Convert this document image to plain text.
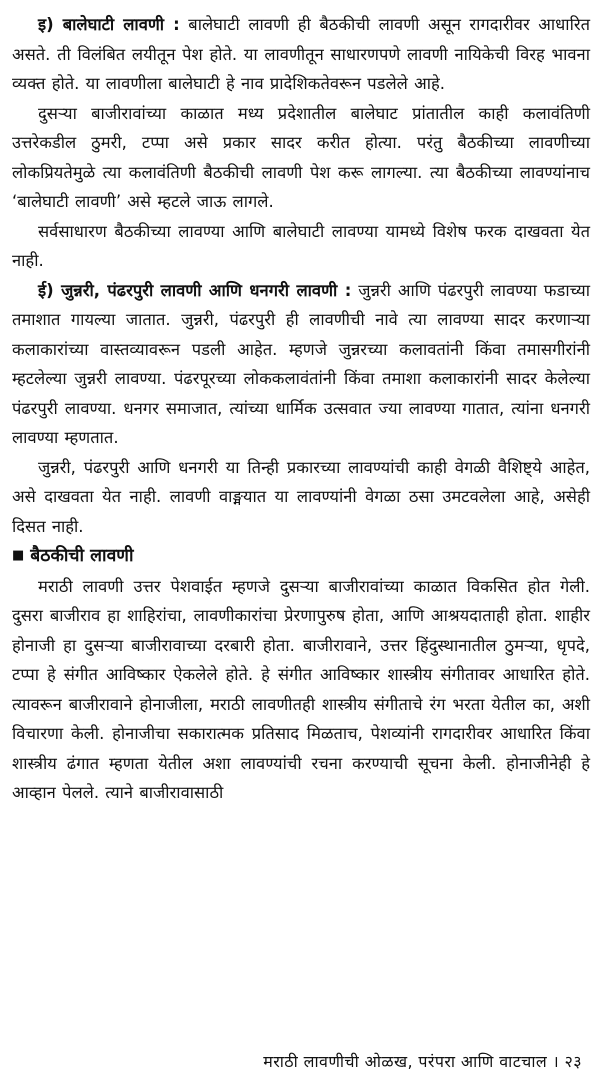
इ) बालेघाटी लावणी : बालेघाटी लावणी ही बैठकीची लावणी असून रागदारीवर आधारित असते. ती विलंबित लयीतून पेश होते. या लावणीतून साधारणपणे लावणी नायिकेची विरह भावना व्यक्त होते. या लावणीला बालेघाटी हे नाव प्रादेशिकतेवरून पडलेले आहे.

दुसऱ्या बाजीरावांच्या काळात मध्य प्रदेशातील बालेघाट प्रांतातील काही कलावंतिणी उत्तरेकडील ठुमरी, टप्पा असे प्रकार सादर करीत होत्या. परंतु बैठकीच्या लावणीच्या लोकप्रियतेमुळे त्या कलावंतिणी बैठकीची लावणी पेश करू लागल्या. त्या बैठकीच्या लावण्यांनाच ‘बालेघाटी लावणी’ असे म्हटले जाऊ लागले.

सर्वसाधारण बैठकीच्या लावण्या आणि बालेघाटी लावण्या यामध्ये विशेष फरक दाखवता येत नाही.

ई) जुन्नरी, पंढरपुरी लावणी आणि धनगरी लावणी : जुन्नरी आणि पंढरपुरी लावण्या फडाच्या तमाशात गायल्या जातात. जुन्नरी, पंढरपुरी ही लावणीची नावे त्या लावण्या सादर करणाऱ्या कलाकारांच्या वास्तव्यावरून पडली आहेत. म्हणजे जुन्नरच्या कलावतांनी किंवा तमासगीरांनी म्हटलेल्या जुन्नरी लावण्या. पंढरपूरच्या लोककलावंतांनी किंवा तमाशा कलाकारांनी सादर केलेल्या पंढरपुरी लावण्या. धनगर समाजात, त्यांच्या धार्मिक उत्सवात ज्या लावण्या गातात, त्यांना धनगरी लावण्या म्हणतात.

जुन्नरी, पंढरपुरी आणि धनगरी या तिन्ही प्रकारच्या लावण्यांची काही वेगळी वैशिष्ट्ये आहेत, असे दाखवता येत नाही. लावणी वाङ्मयात या लावण्यांनी वेगळा ठसा उमटवलेला आहे, असेही दिसत नाही.

■ बैठकीची लावणी

मराठी लावणी उत्तर पेशवाईत म्हणजे दुसऱ्या बाजीरावांच्या काळात विकसित होत गेली. दुसरा बाजीराव हा शाहिरांचा, लावणीकारांचा प्रेरणापुरुष होता, आणि आश्रयदाताही होता. शाहीर होनाजी हा दुसऱ्या बाजीरावाच्या दरबारी होता. बाजीरावाने, उत्तर हिंदुस्थानातील ठुमऱ्या, धृपदे, टप्पा हे संगीत आविष्कार ऐकलेले होते. हे संगीत आविष्कार शास्त्रीय संगीतावर आधारित होते. त्यावरून बाजीरावाने होनाजीला, मराठी लावणीतही शास्त्रीय संगीताचे रंग भरता येतील का, अशी विचारणा केली. होनाजीचा सकारात्मक प्रतिसाद मिळताच, पेशव्यांनी रागदारीवर आधारित किंवा शास्त्रीय ढंगात म्हणता येतील अशा लावण्यांची रचना करण्याची सूचना केली. होनाजीनेही हे आव्हान पेलले. त्याने बाजीरावासाठी

मराठी लावणीची ओळख, परंपरा आणि वाटचाल । २३
